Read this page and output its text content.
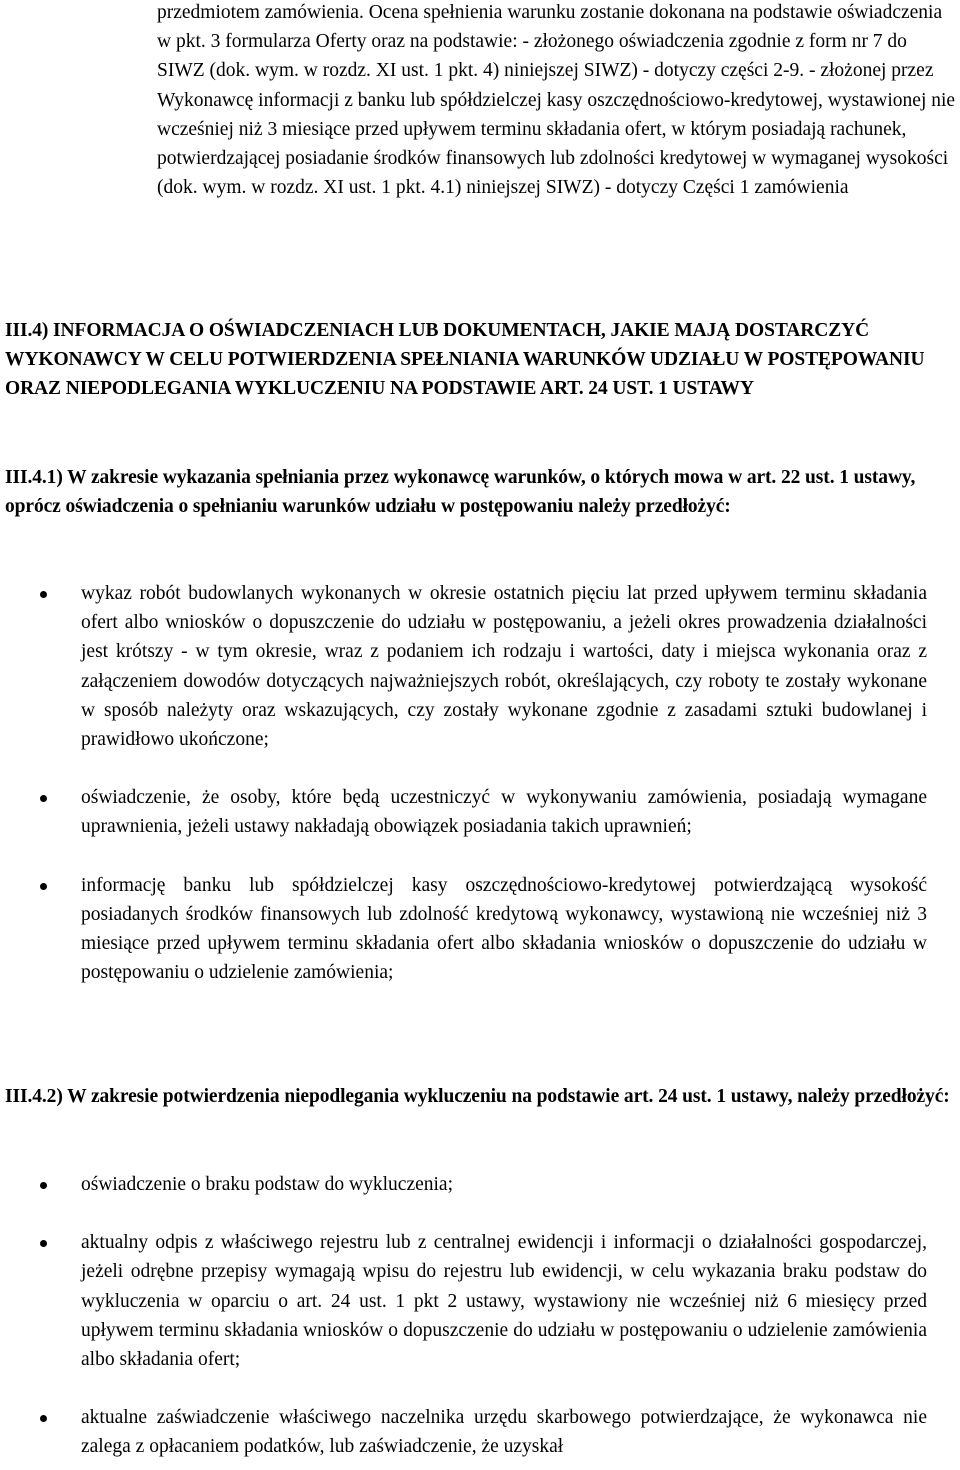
przedmiotem zamówienia. Ocena spełnienia warunku zostanie dokonana na podstawie oświadczenia w pkt. 3 formularza Oferty oraz na podstawie: - złożonego oświadczenia zgodnie z form nr 7 do SIWZ (dok. wym. w rozdz. XI ust. 1 pkt. 4) niniejszej SIWZ) - dotyczy części 2-9. - złożonej przez Wykonawcę informacji z banku lub spółdzielczej kasy oszczędnościowo-kredytowej, wystawionej nie wcześniej niż 3 miesiące przed upływem terminu składania ofert, w którym posiadają rachunek, potwierdzającej posiadanie środków finansowych lub zdolności kredytowej w wymaganej wysokości (dok. wym. w rozdz. XI ust. 1 pkt. 4.1) niniejszej SIWZ) - dotyczy Części 1 zamówienia

III.4) INFORMACJA O OŚWIADCZENIACH LUB DOKUMENTACH, JAKIE MAJĄ DOSTARCZYĆ WYKONAWCY W CELU POTWIERDZENIA SPEŁNIANIA WARUNKÓW UDZIAŁU W POSTĘPOWANIU ORAZ NIEPODLEGANIA WYKLUCZENIU NA PODSTAWIE ART. 24 UST. 1 USTAWY

III.4.1) W zakresie wykazania spełniania przez wykonawcę warunków, o których mowa w art. 22 ust. 1 ustawy, oprócz oświadczenia o spełnianiu warunków udziału w postępowaniu należy przedłożyć:

wykaz robót budowlanych wykonanych w okresie ostatnich pięciu lat przed upływem terminu składania ofert albo wniosków o dopuszczenie do udziału w postępowaniu, a jeżeli okres prowadzenia działalności jest krótszy - w tym okresie, wraz z podaniem ich rodzaju i wartości, daty i miejsca wykonania oraz z załączeniem dowodów dotyczących najważniejszych robót, określających, czy roboty te zostały wykonane w sposób należyty oraz wskazujących, czy zostały wykonane zgodnie z zasadami sztuki budowlanej i prawidłowo ukończone;
oświadczenie, że osoby, które będą uczestniczyć w wykonywaniu zamówienia, posiadają wymagane uprawnienia, jeżeli ustawy nakładają obowiązek posiadania takich uprawnień;
informację banku lub spółdzielczej kasy oszczędnościowo-kredytowej potwierdzającą wysokość posiadanych środków finansowych lub zdolność kredytową wykonawcy, wystawioną nie wcześniej niż 3 miesiące przed upływem terminu składania ofert albo składania wniosków o dopuszczenie do udziału w postępowaniu o udzielenie zamówienia;

III.4.2) W zakresie potwierdzenia niepodlegania wykluczeniu na podstawie art. 24 ust. 1 ustawy, należy przedłożyć:

oświadczenie o braku podstaw do wykluczenia;
aktualny odpis z właściwego rejestru lub z centralnej ewidencji i informacji o działalności gospodarczej, jeżeli odrębne przepisy wymagają wpisu do rejestru lub ewidencji, w celu wykazania braku podstaw do wykluczenia w oparciu o art. 24 ust. 1 pkt 2 ustawy, wystawiony nie wcześniej niż 6 miesięcy przed upływem terminu składania wniosków o dopuszczenie do udziału w postępowaniu o udzielenie zamówienia albo składania ofert;
aktualne zaświadczenie właściwego naczelnika urzędu skarbowego potwierdzające, że wykonawca nie zalega z opłacaniem podatków, lub zaświadczenie, że uzyskał
